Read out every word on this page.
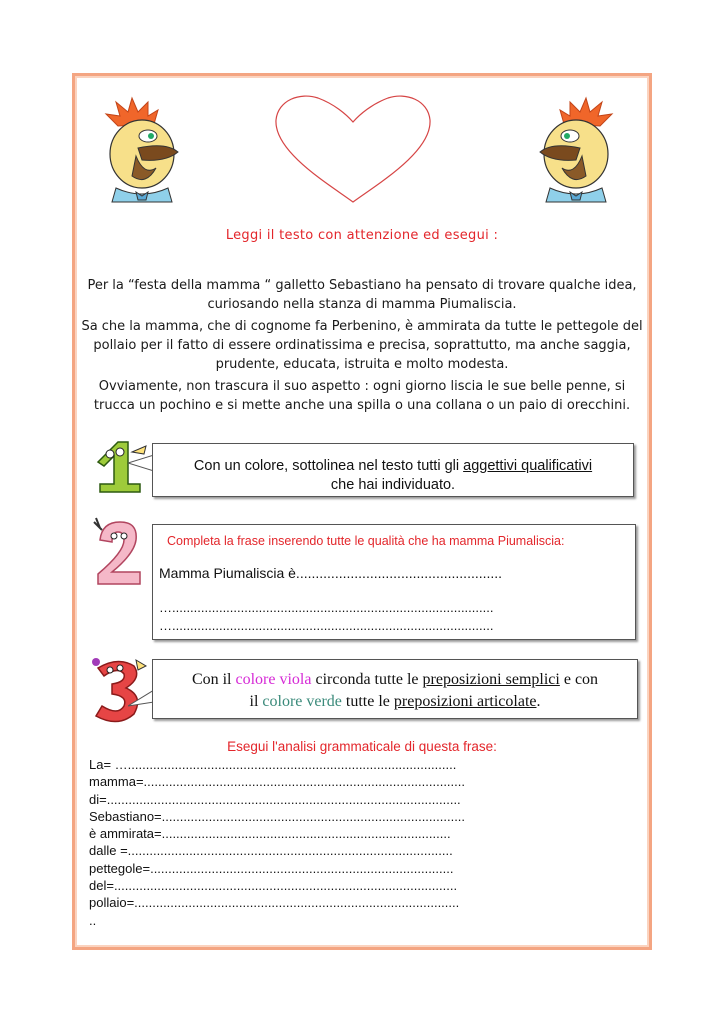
Leggi il testo con attenzione ed esegui :
Per la “festa della mamma “ galletto Sebastiano ha pensato di trovare qualche idea, curiosando nella stanza di mamma Piumaliscia.
Sa che la mamma, che di cognome fa Perbenino, è ammirata da tutte le pettegole del pollaio per il fatto di essere ordinatissima e precisa, soprattutto, ma anche saggia, prudente, educata, istruita e molto modesta.
Ovviamente, non trascura il suo aspetto : ogni giorno liscia le sue belle penne, si trucca un pochino e si mette anche una spilla o una collana o un paio di orecchini.
Con un colore, sottolinea nel testo tutti gli aggettivi qualificativi
che hai individuato.
Completa la frase inserendo tutte le qualità che ha mamma Piumaliscia:
Mamma Piumaliscia è.....................................................
….........................................................................................
….........................................................................................
Con il colore viola circonda tutte le preposizioni semplici e con
il colore verde tutte le preposizioni articolate.
Esegui l'analisi grammaticale di questa frase:
La= …...........................................................................................
mamma=.........................................................................................
di=..................................................................................................
Sebastiano=....................................................................................
è ammirata=................................................................................
dalle =..........................................................................................
pettegole=....................................................................................
del=...............................................................................................
pollaio=..........................................................................................
..
